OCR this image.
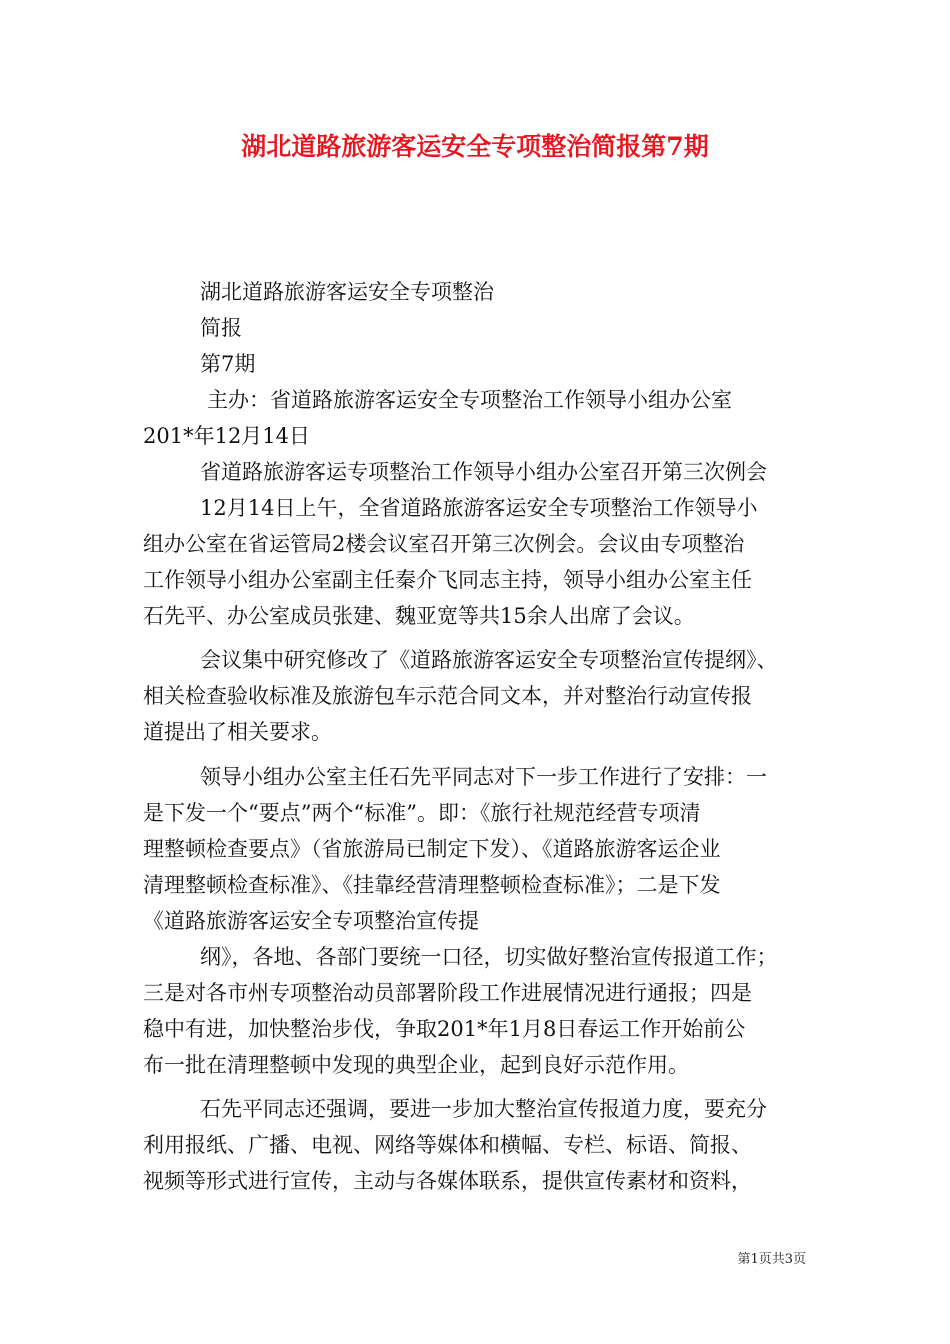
湖北道路旅游客运安全专项整治简报第7期
湖北道路旅游客运安全专项整治
简报
第7期
主办：省道路旅游客运安全专项整治工作领导小组办公室
201*年12月14日
省道路旅游客运专项整治工作领导小组办公室召开第三次例会
12月14日上午，全省道路旅游客运安全专项整治工作领导小
组办公室在省运管局2楼会议室召开第三次例会。会议由专项整治
工作领导小组办公室副主任秦介飞同志主持，领导小组办公室主任
石先平、办公室成员张建、魏亚宽等共15余人出席了会议。
会议集中研究修改了《道路旅游客运安全专项整治宣传提纲》、
相关检查验收标准及旅游包车示范合同文本，并对整治行动宣传报
道提出了相关要求。
领导小组办公室主任石先平同志对下一步工作进行了安排：一
是下发一个“要点”两个“标准”。即：《旅行社规范经营专项清
理整顿检查要点》（省旅游局已制定下发）、《道路旅游客运企业
清理整顿检查标准》、《挂靠经营清理整顿检查标准》；二是下发
《道路旅游客运安全专项整治宣传提
纲》，各地、各部门要统一口径，切实做好整治宣传报道工作；
三是对各市州专项整治动员部署阶段工作进展情况进行通报；四是
稳中有进，加快整治步伐，争取201*年1月8日春运工作开始前公
布一批在清理整顿中发现的典型企业，起到良好示范作用。
石先平同志还强调，要进一步加大整治宣传报道力度，要充分
利用报纸、广播、电视、网络等媒体和横幅、专栏、标语、简报、
视频等形式进行宣传，主动与各媒体联系，提供宣传素材和资料，
第1页共3页
